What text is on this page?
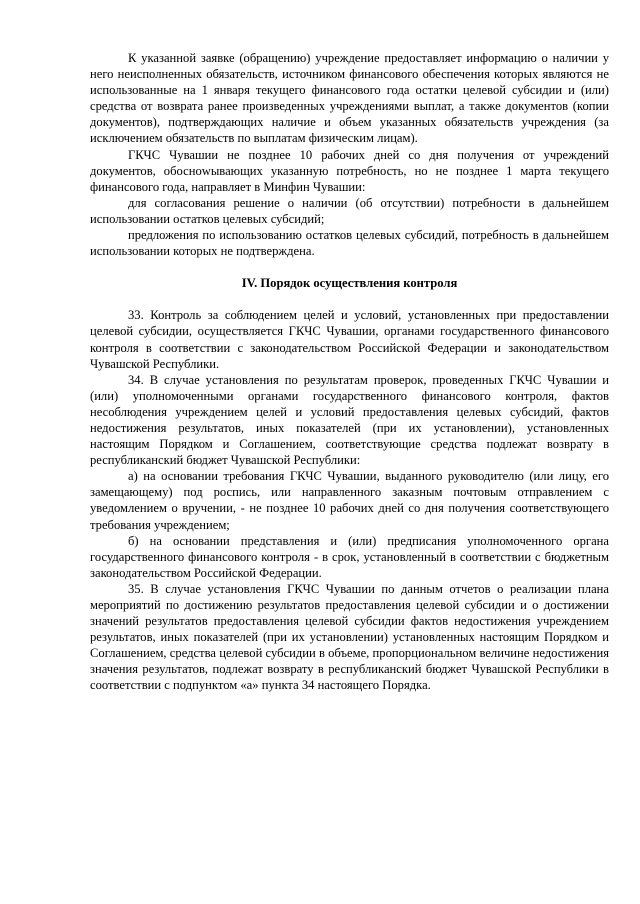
К указанной заявке (обращению) учреждение предоставляет информацию о наличии у него неисполненных обязательств, источником финансового обеспечения которых являются не использованные на 1 января текущего финансового года остатки целевой субсидии и (или) средства от возврата ранее произведенных учреждениями выплат, а также документов (копии документов), подтверждающих наличие и объем указанных обязательств учреждения (за исключением обязательств по выплатам физическим лицам).

ГКЧС Чувашии не позднее 10 рабочих дней со дня получения от учреждений документов, обоснowывающих указанную потребность, но не позднее 1 марта текущего финансового года, направляет в Минфин Чувашии:

для согласования решение о наличии (об отсутствии) потребности в дальнейшем использовании остатков целевых субсидий;

предложения по использованию остатков целевых субсидий, потребность в дальнейшем использовании которых не подтверждена.

IV. Порядок осуществления контроля

33. Контроль за соблюдением целей и условий, установленных при предоставлении целевой субсидии, осуществляется ГКЧС Чувашии, органами государственного финансового контроля в соответствии с законодательством Российской Федерации и законодательством Чувашской Республики.

34. В случае установления по результатам проверок, проведенных ГКЧС Чувашии и (или) уполномоченными органами государственного финансового контроля, фактов несоблюдения учреждением целей и условий предоставления целевых субсидий, фактов недостижения результатов, иных показателей (при их установлении), установленных настоящим Порядком и Соглашением, соответствующие средства подлежат возврату в республиканский бюджет Чувашской Республики:

а) на основании требования ГКЧС Чувашии, выданного руководителю (или лицу, его замещающему) под роспись, или направленного заказным почтовым отправлением с уведомлением о вручении, - не позднее 10 рабочих дней со дня получения соответствующего требования учреждением;

б) на основании представления и (или) предписания уполномоченного органа государственного финансового контроля - в срок, установленный в соответствии с бюджетным законодательством Российской Федерации.

35. В случае установления ГКЧС Чувашии по данным отчетов о реализации плана мероприятий по достижению результатов предоставления целевой субсидии и о достижении значений результатов предоставления целевой субсидии фактов недостижения учреждением результатов, иных показателей (при их установлении) установленных настоящим Порядком и Соглашением, средства целевой субсидии в объеме, пропорциональном величине недостижения значения результатов, подлежат возврату в республиканский бюджет Чувашской Республики в соответствии с подпунктом «а» пункта 34 настоящего Порядка.
